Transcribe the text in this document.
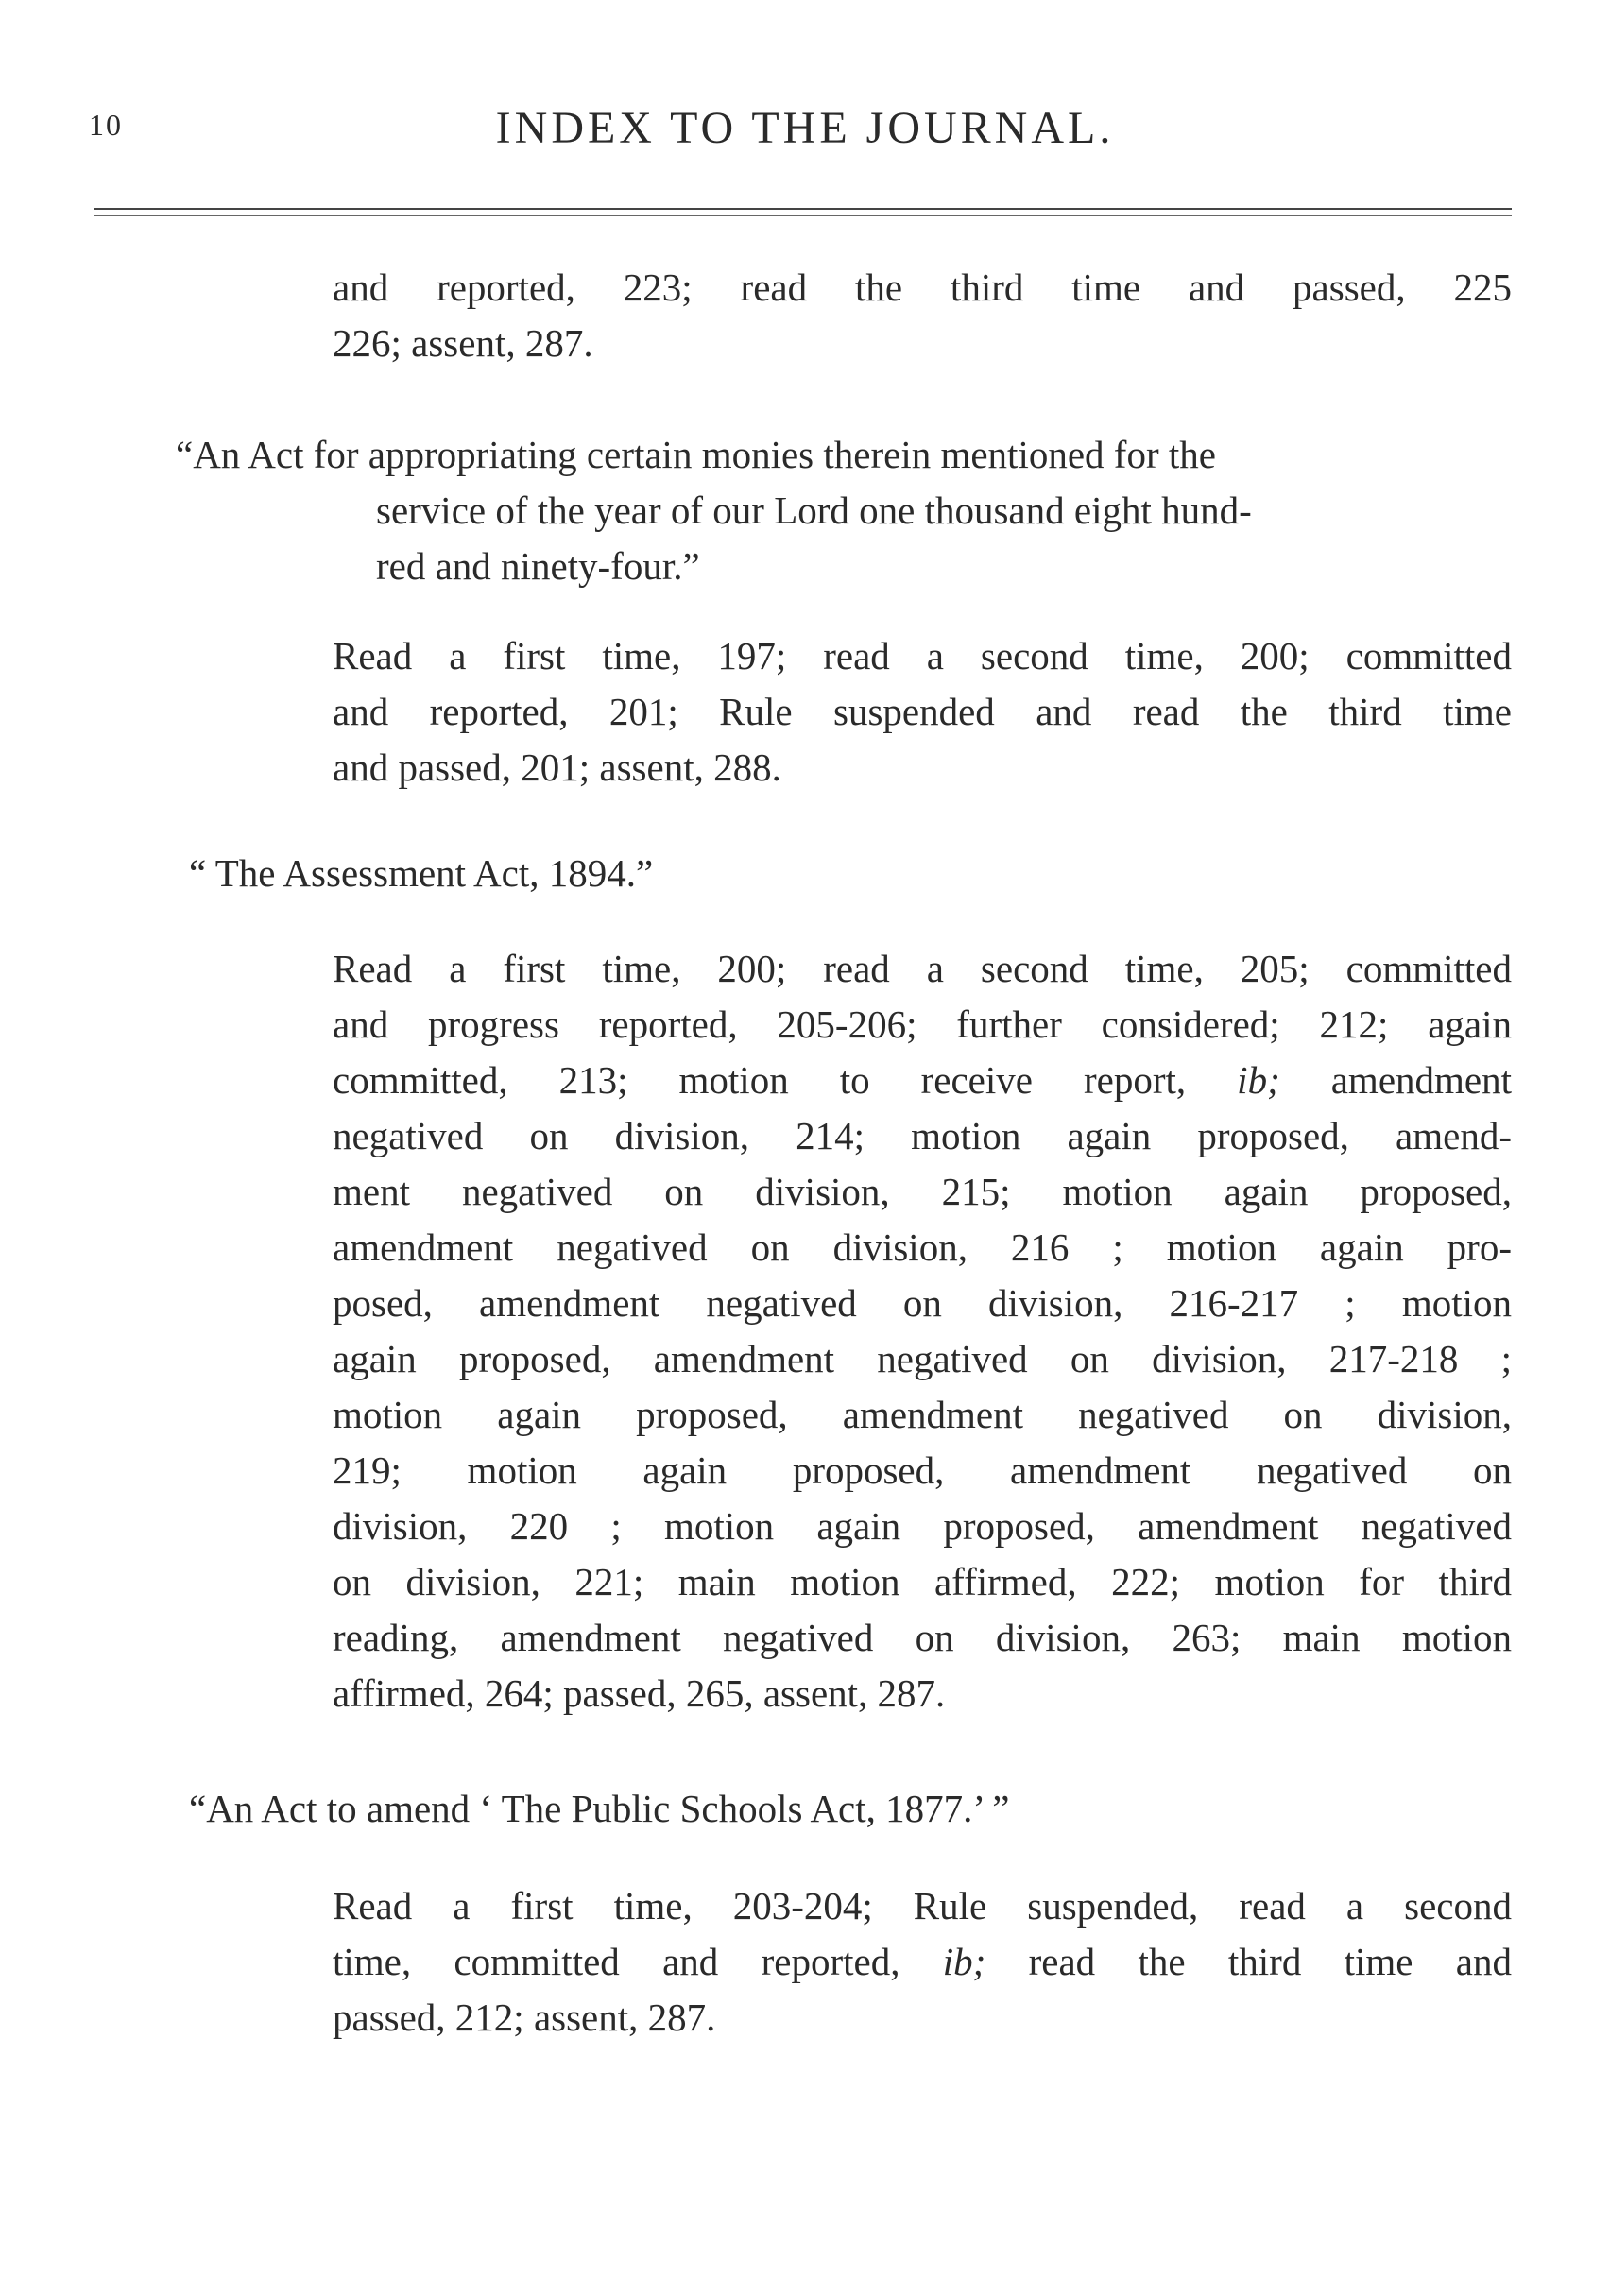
10	INDEX TO THE JOURNAL.
and reported, 223; read the third time and passed, 225
226; assent, 287.
“An Act for appropriating certain monies therein mentioned for the
service of the year of our Lord one thousand eight hund-
red and ninety-four.”
Read a first time, 197; read a second time, 200; committed
and reported, 201; Rule suspended and read the third time
and passed, 201; assent, 288.
“ The Assessment Act, 1894.”
Read a first time, 200; read a second time, 205; committed
and progress reported, 205-206; further considered; 212; again
committed, 213; motion to receive report, ib; amendment
negatived on division, 214; motion again proposed, amend-
ment negatived on division, 215; motion again proposed,
amendment negatived on division, 216 ; motion again pro-
posed, amendment negatived on division, 216-217 ; motion
again proposed, amendment negatived on division, 217-218 ;
motion again proposed, amendment negatived on division,
219; motion again proposed, amendment negatived on
division, 220 ; motion again proposed, amendment negatived
on division, 221; main motion affirmed, 222; motion for third
reading, amendment negatived on division, 263; main motion
affirmed, 264; passed, 265, assent, 287.
“An Act to amend ‘ The Public Schools Act, 1877.’ ”
Read a first time, 203-204; Rule suspended, read a second
time, committed and reported, ib; read the third time and
passed, 212; assent, 287.
